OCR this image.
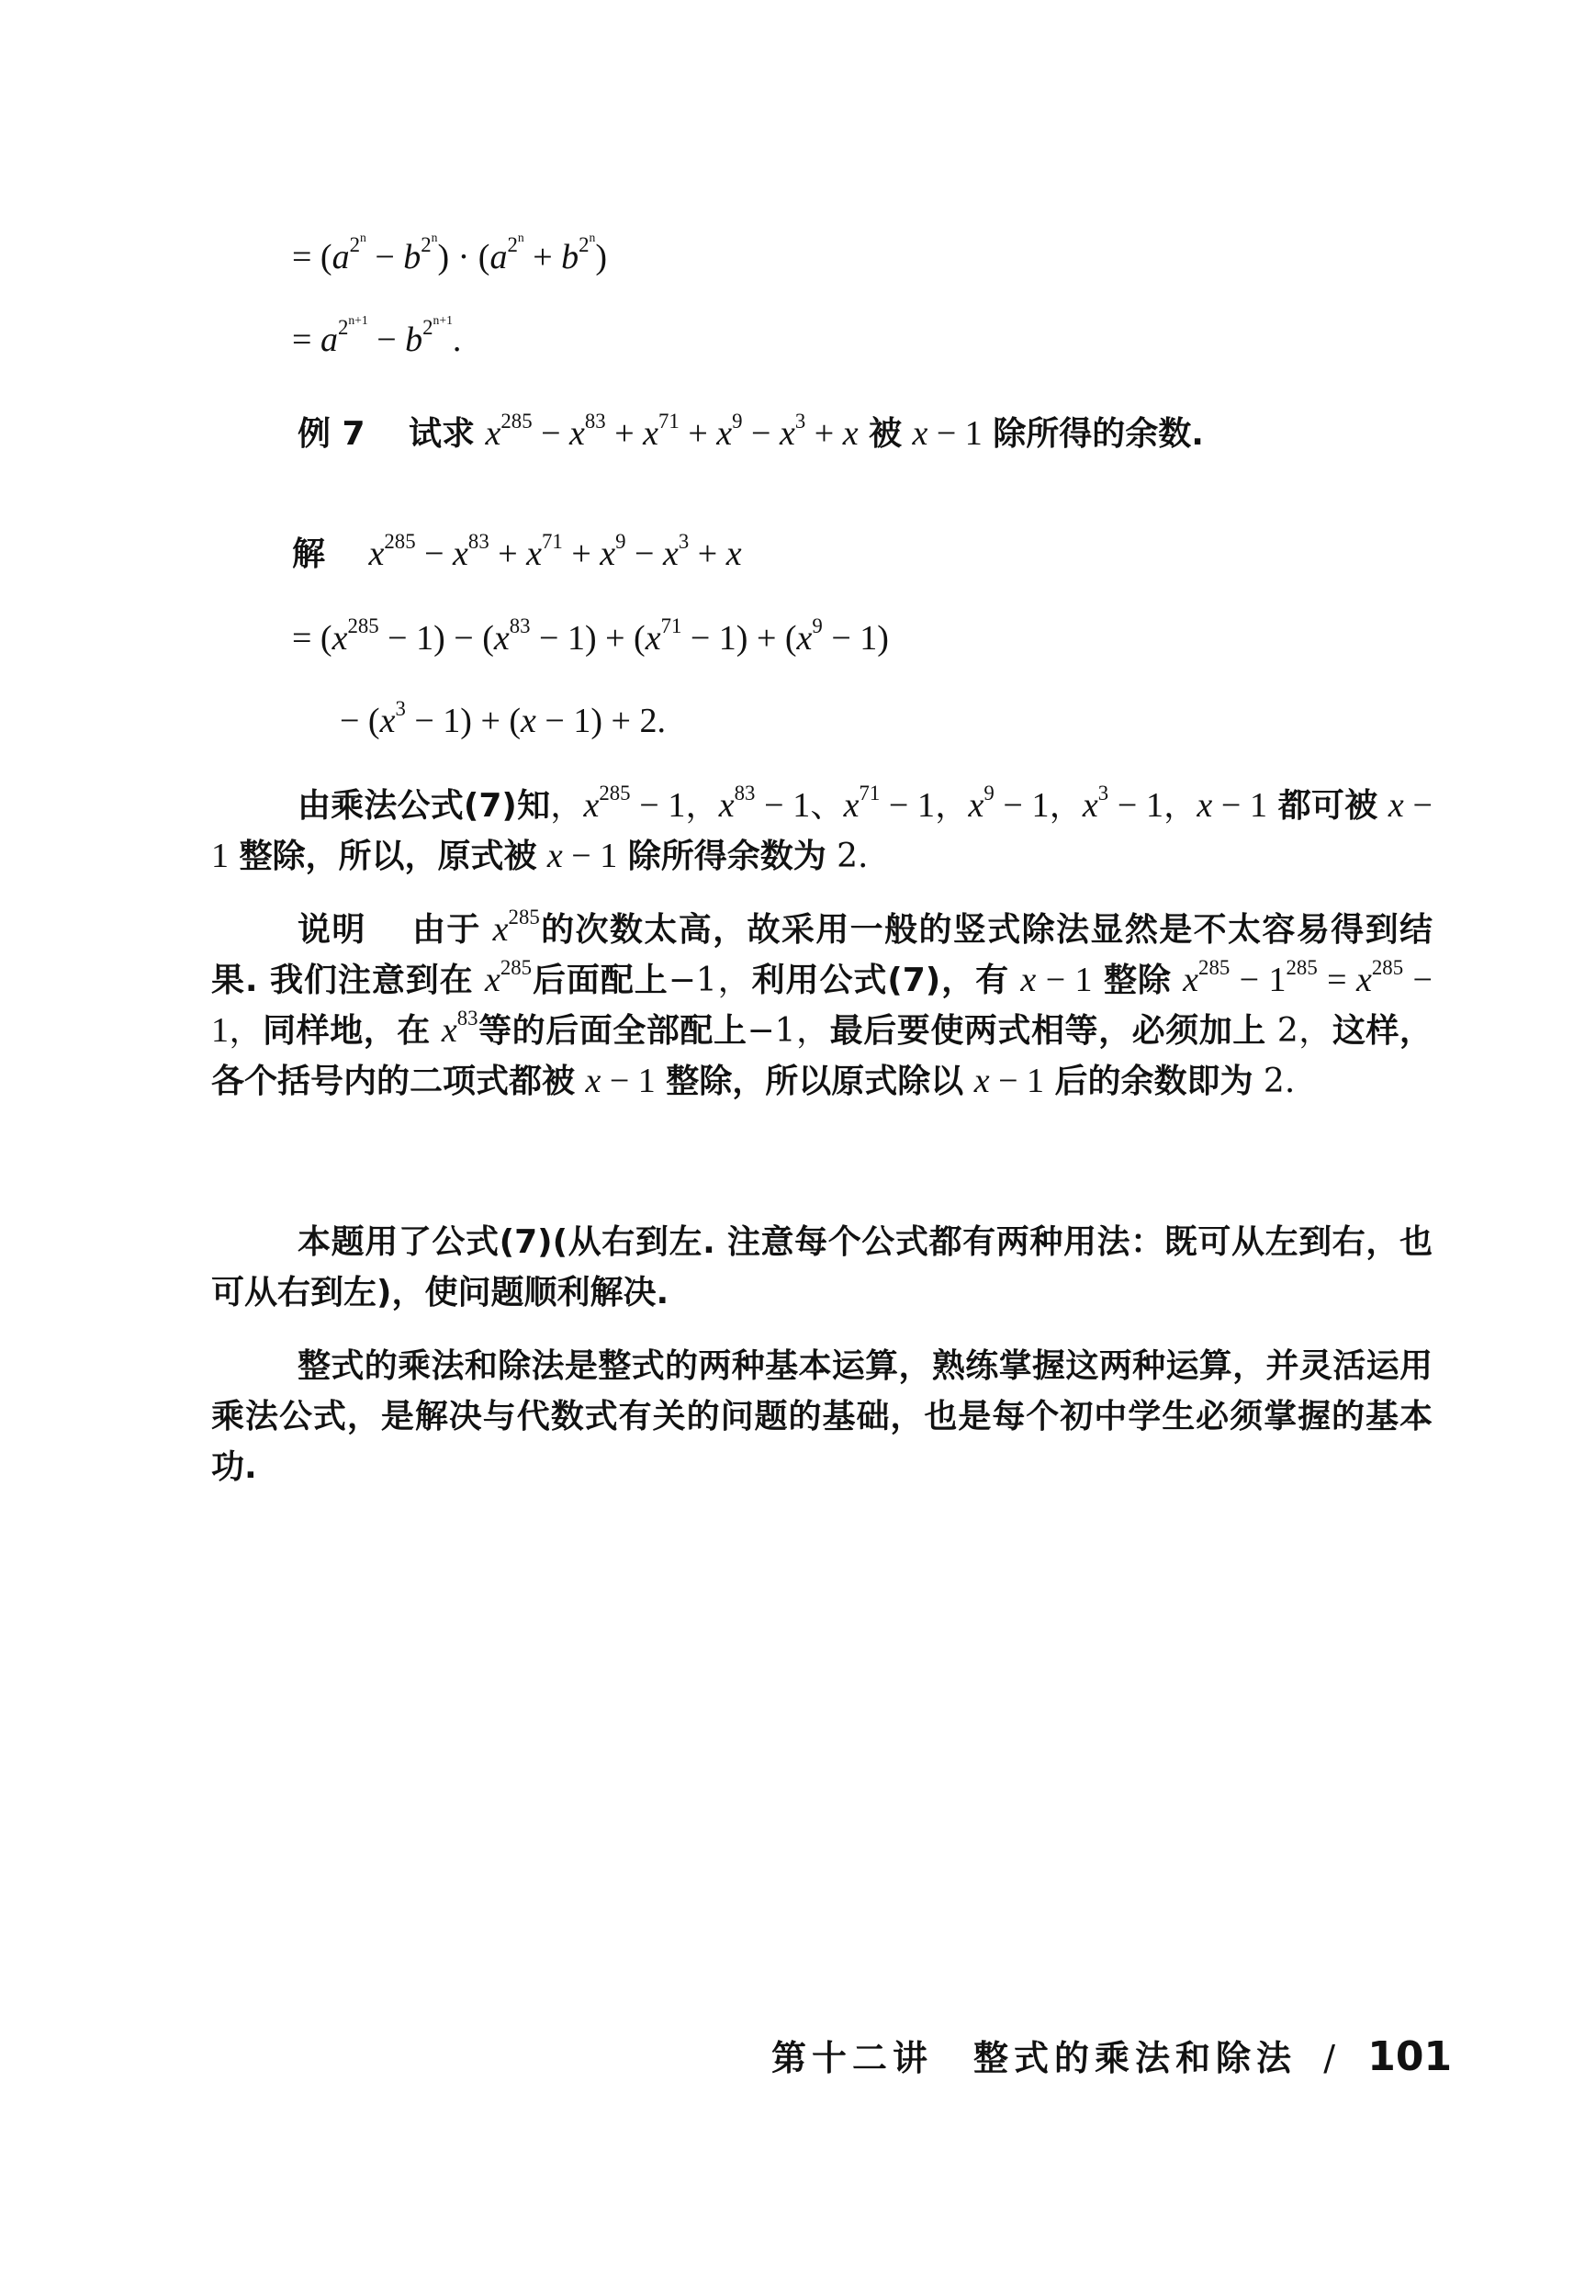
= $(a^{2^n} - b^{2^n}) \cdot (a^{2^n} + b^{2^n})$
= $a^{2^{n+1}} - b^{2^{n+1}}$.
例 7　 试求 $x^{285} - x^{83} + x^{71} + x^9 - x^3 + x$ 被 x − 1 除所得的余数.
解　 $x^{285} - x^{83} + x^{71} + x^9 - x^3 + x$
= $(x^{285} - 1) - (x^{83} - 1) + (x^{71} - 1) + (x^9 - 1)$
− $(x^3 - 1) + (x - 1) + 2$.
由乘法公式(7)知，$x^{285} - 1$，$x^{83} - 1$、$x^{71} - 1$，$x^9 - 1$，$x^3 - 1$，x − 1 都可被 x − 1 整除，所以，原式被 x − 1 除所得余数为 2.
说明　 由于 $x^{285}$的次数太高，故采用一般的竖式除法显然是不太容易得到结果. 我们注意到在 $x^{285}$后面配上−1，利用公式(7)，有 x − 1 整除 $x^{285} - 1^{285} = x^{285} - 1$，同样地，在 $x^{83}$等的后面全部配上−1，最后要使两式相等，必须加上 2，这样，各个括号内的二项式都被 x − 1 整除，所以原式除以 x − 1 后的余数即为 2.
本题用了公式(7)(从右到左. 注意每个公式都有两种用法：既可从左到右，也可从右到左)，使问题顺利解决.
整式的乘法和除法是整式的两种基本运算，熟练掌握这两种运算，并灵活运用乘法公式，是解决与代数式有关的问题的基础，也是每个初中学生必须掌握的基本功.
第十二讲　整式的乘法和除法 / 101
